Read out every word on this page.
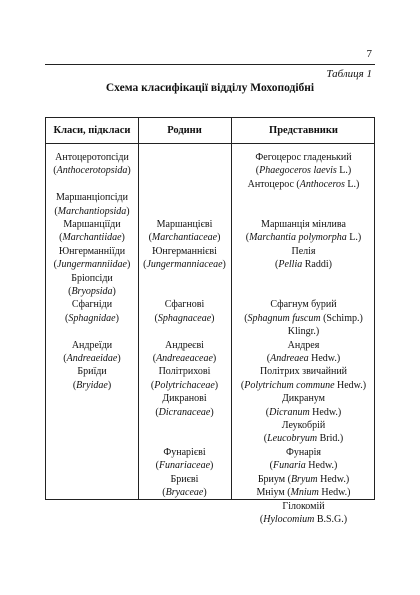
7
Таблиця 1
Схема класифікації відділу Мохоподібні
Класи, підкласи	Родини	Представники
Антоцеротопсіди
(Anthocerotopsida)
Маршанціопсіди
(Marchantiopsida)
Маршанціїди
(Marchantiidae)
Юнгерманніїди
(Jungermanniidae)
Бріопсіди
(Bryopsida)
Сфагніди
(Sphagnidae)
Андреїди
(Andreaeidae)
Бриїди
(Bryidae)
Маршанцієві
(Marchantiaceae)
Юнгерманнієві
(Jungermanniaceae)
Сфагнові
(Sphagnaceae)
Андреєві
(Andreaeaceae)
Політрихові
(Polytrichaceae)
Дикранові
(Dicranaceae)
Фунарієві
(Funariaceae)
Бриєві
(Bryaceae)
Фегоцерос гладенький
(Phaegoceros laevis L.)
Антоцерос (Anthoceros L.)
Маршанція мінлива
(Marchantia polymorpha L.)
Пелія
(Pellia Raddi)
Сфагнум бурий
(Sphagnum fuscum (Schimp.)
Klingr.)
Андрея
(Andreaea Hedw.)
Політрих звичайний
(Polytrichum commune Hedw.)
Дикранум
(Dicranum Hedw.)
Леукобрій
(Leucobryum Brid.)
Фунарія
(Funaria Hedw.)
Бриум (Bryum Hedw.)
Мніум (Mnium Hedw.)
Гілокомій
(Hylocomium B.S.G.)
